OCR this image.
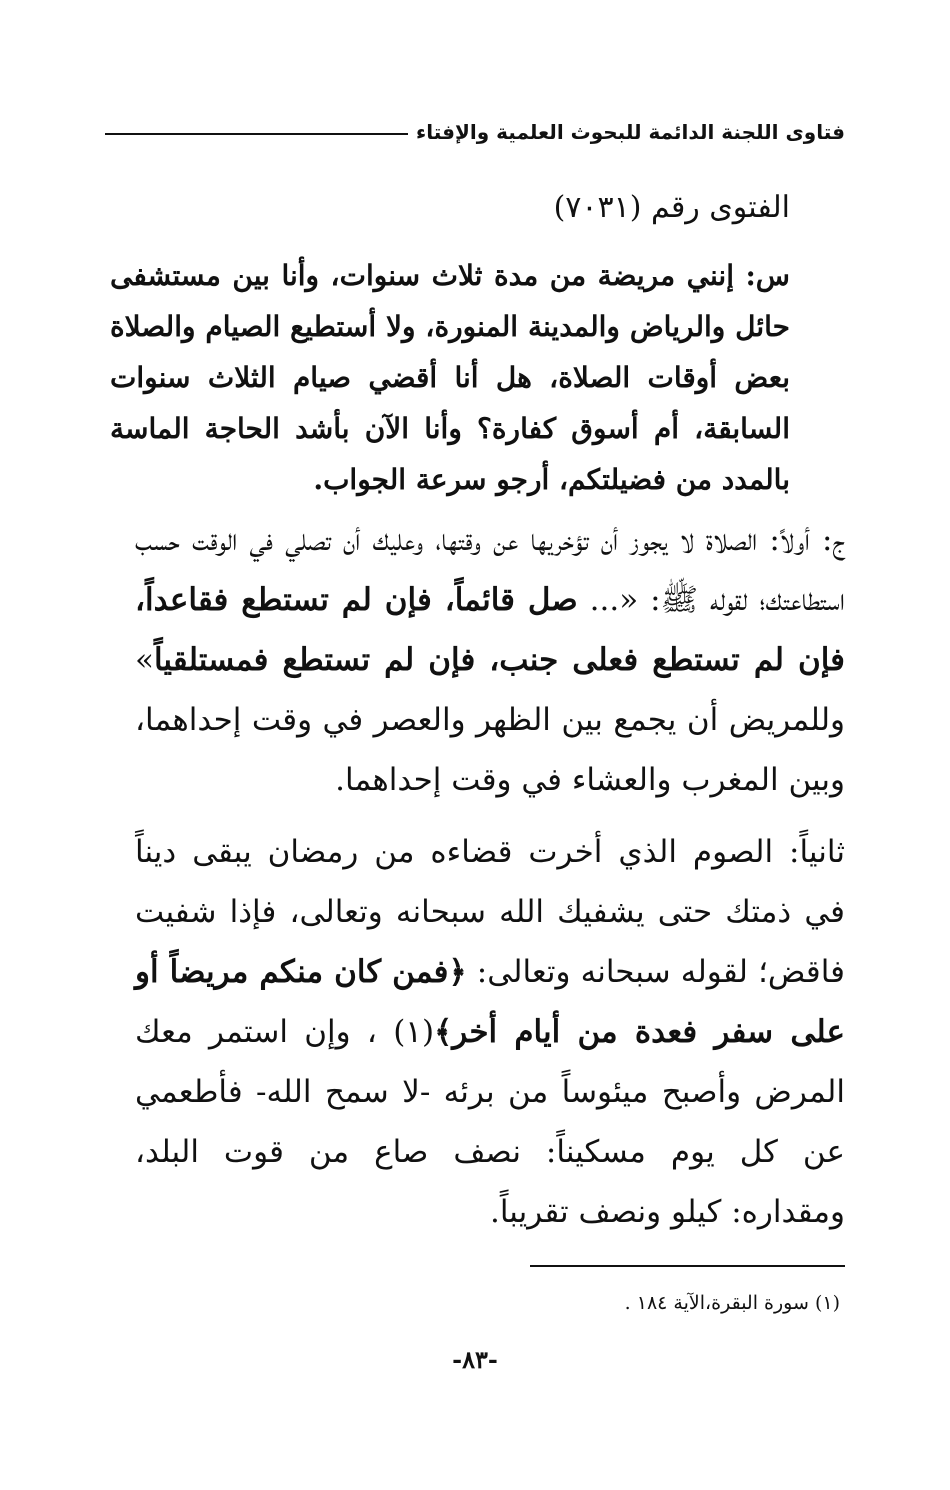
فتاوى اللجنة الدائمة للبحوث العلمية والإفتاء
الفتوى رقم (٧٠٣١)

س: إنني مريضة من مدة ثلاث سنوات، وأنا بين مستشفى حائل والرياض والمدينة المنورة، ولا أستطيع الصيام والصلاة بعض أوقات الصلاة، هل أنا أقضي صيام الثلاث سنوات السابقة، أم أسوق كفارة؟ وأنا الآن بأشد الحاجة الماسة بالمدد من فضيلتكم، أرجو سرعة الجواب.

ج: أولاً: الصلاة لا يجوز أن تؤخريها عن وقتها، وعليك أن تصلي في الوقت حسب استطاعتك؛ لقوله ﷺ: «... صل قائماً، فإن لم تستطع فقاعداً، فإن لم تستطع فعلى جنب، فإن لم تستطع فمستلقياً» وللمريض أن يجمع بين الظهر والعصر في وقت إحداهما، وبين المغرب والعشاء في وقت إحداهما.

ثانياً: الصوم الذي أخرت قضاءه من رمضان يبقى ديناً في ذمتك حتى يشفيك الله سبحانه وتعالى، فإذا شفيت فاقض؛ لقوله سبحانه وتعالى: ﴿فمن كان منكم مريضاً أو على سفر فعدة من أيام أخر﴾(١) ، وإن استمر معك المرض وأصبح ميئوساً من برئه -لا سمح الله- فأطعمي عن كل يوم مسكيناً: نصف صاع من قوت البلد، ومقداره: كيلو ونصف تقريباً.

(١) سورة البقرة،الآية ١٨٤ .
-٨٣-
